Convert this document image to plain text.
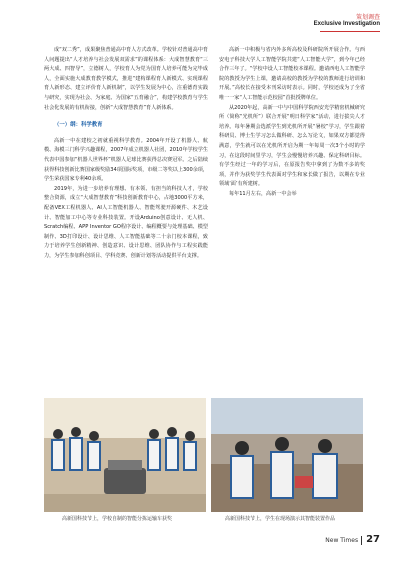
策划调查
Exclusive Investigation

成“双二秀”，成果聚焦普通高中育人方式改革。学校针对普通高中育人问题提出“人才培养与社会发展双需求”的课程体系：大成智慧教育“三两大成、四智导”，立德树人，学校育人为党为国育人培养可能为完毕成人，全面实施大成教育教学模式，推进“建构课程育人新模式、实现课程育人新形态、建立评价育人新机制”，以学生发展为中心，注重德育实践与研究，实现为社会、为家庭、为国家“五育融合”，构建学校教育与学生社会化发展的有机衔接，创新“大成智慧教育”育人新体系。

（一）纲：科学教育

高新一中在建校之初就重视科学教育。2004年开设了机器人、航模、海模三门科学兴趣课程，2007年成立机器人社团，2010年学校学生代表中国参加“机器人世界杯”机器人足球比赛获得总决赛冠军。之后陆续获得科技创新比赛国家级奖励34项国际奖项，市级二等奖以上300余项，学生荣获国家专利40余项。

2019年，为进一步培养有理想、有本领、有担当的科技人才，学校整合资源，成立“大成智慧教育”科技创新教育中心，占地3000平方米，配备VEX工程机器人、AI人工智能机器人、智能驾驶开源硬件、木艺设计、智能加工中心等专业科技装置。开设Arduino创意设计、无人机、Scratch编程、APP Inventor GO程序设计、编程概要与处理基础、模型制作、3D打印设计、设计思维、人工智能基础等二十余门校本课程，致力于培养学生创新精神、创造意识、设计思维、团队协作与工程实践能力，为学生参加科创项目、学科竞赛、创新计划等活动提供平台支撑。

高新一中积极与省内外多所高校及科研院所开展合作。与西安电子科技大学人工智能学院共建“人工智能大学”，到今年已经合作三年了。“学校中设人工智能校本课程。邀请西电人工智能学院的教授为学生上课，邀请高校的教授为学校的教师进行培训和开展。”高校长在接受本刊采访时表示。同时，学校还成为了全省唯一一家“人工智能示范校园”首批授牌单位。

从2020年起，高新一中与中国科学院西安光学精密机械研究所（简称“光机所”）联合开展“明日科学家”活动，进行拔尖人才培养。每年暑期会选派学生到光机所开展“暑校”学习，学生跟着科研员、博士生学习怎么做科研、怎么写论文，如果双方都觉得满意，学生就可以在光机所开启为期一年每周一次3个小时的学习，在这段时间里学习，学生会慢慢培养兴趣、保定科研目标。有学生经过一年的学习后，在原报告奖中拿到了为数不多的奖项，并作为获奖学生代表面对学生和家长做了报告，以期在专业领域‘面’有所建树。

每年11月左右，高新一中会举

高新国科技节上，学校自制的智能分拣运输车获奖	高新国科技节上，学生在现场演示其智能装置作品
New Times 27
